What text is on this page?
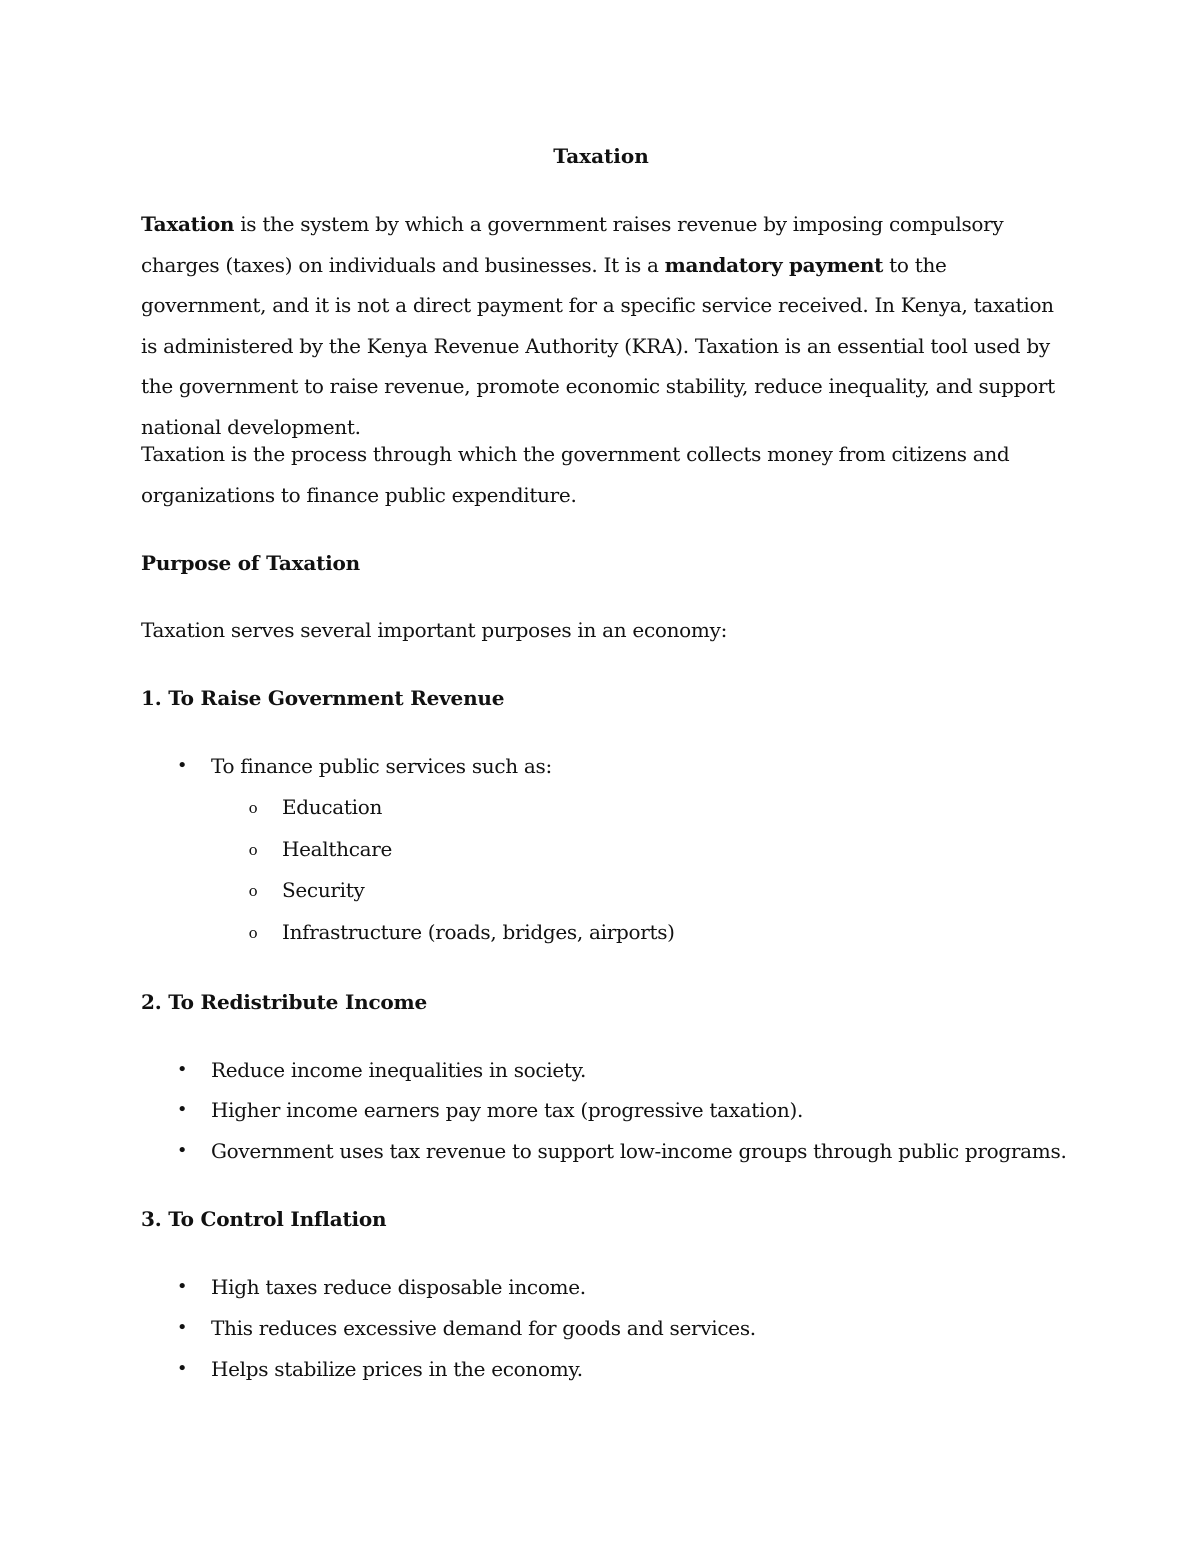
Taxation

Taxation is the system by which a government raises revenue by imposing compulsory charges (taxes) on individuals and businesses. It is a mandatory payment to the government, and it is not a direct payment for a specific service received. In Kenya, taxation is administered by the Kenya Revenue Authority (KRA). Taxation is an essential tool used by the government to raise revenue, promote economic stability, reduce inequality, and support national development.

Taxation is the process through which the government collects money from citizens and organizations to finance public expenditure.

Purpose of Taxation

Taxation serves several important purposes in an economy:

1. To Raise Government Revenue
• To finance public services such as:
o Education
o Healthcare
o Security
o Infrastructure (roads, bridges, airports)
2. To Redistribute Income
• Reduce income inequalities in society.
• Higher income earners pay more tax (progressive taxation).
• Government uses tax revenue to support low-income groups through public programs.
3. To Control Inflation
• High taxes reduce disposable income.
• This reduces excessive demand for goods and services.
• Helps stabilize prices in the economy.
